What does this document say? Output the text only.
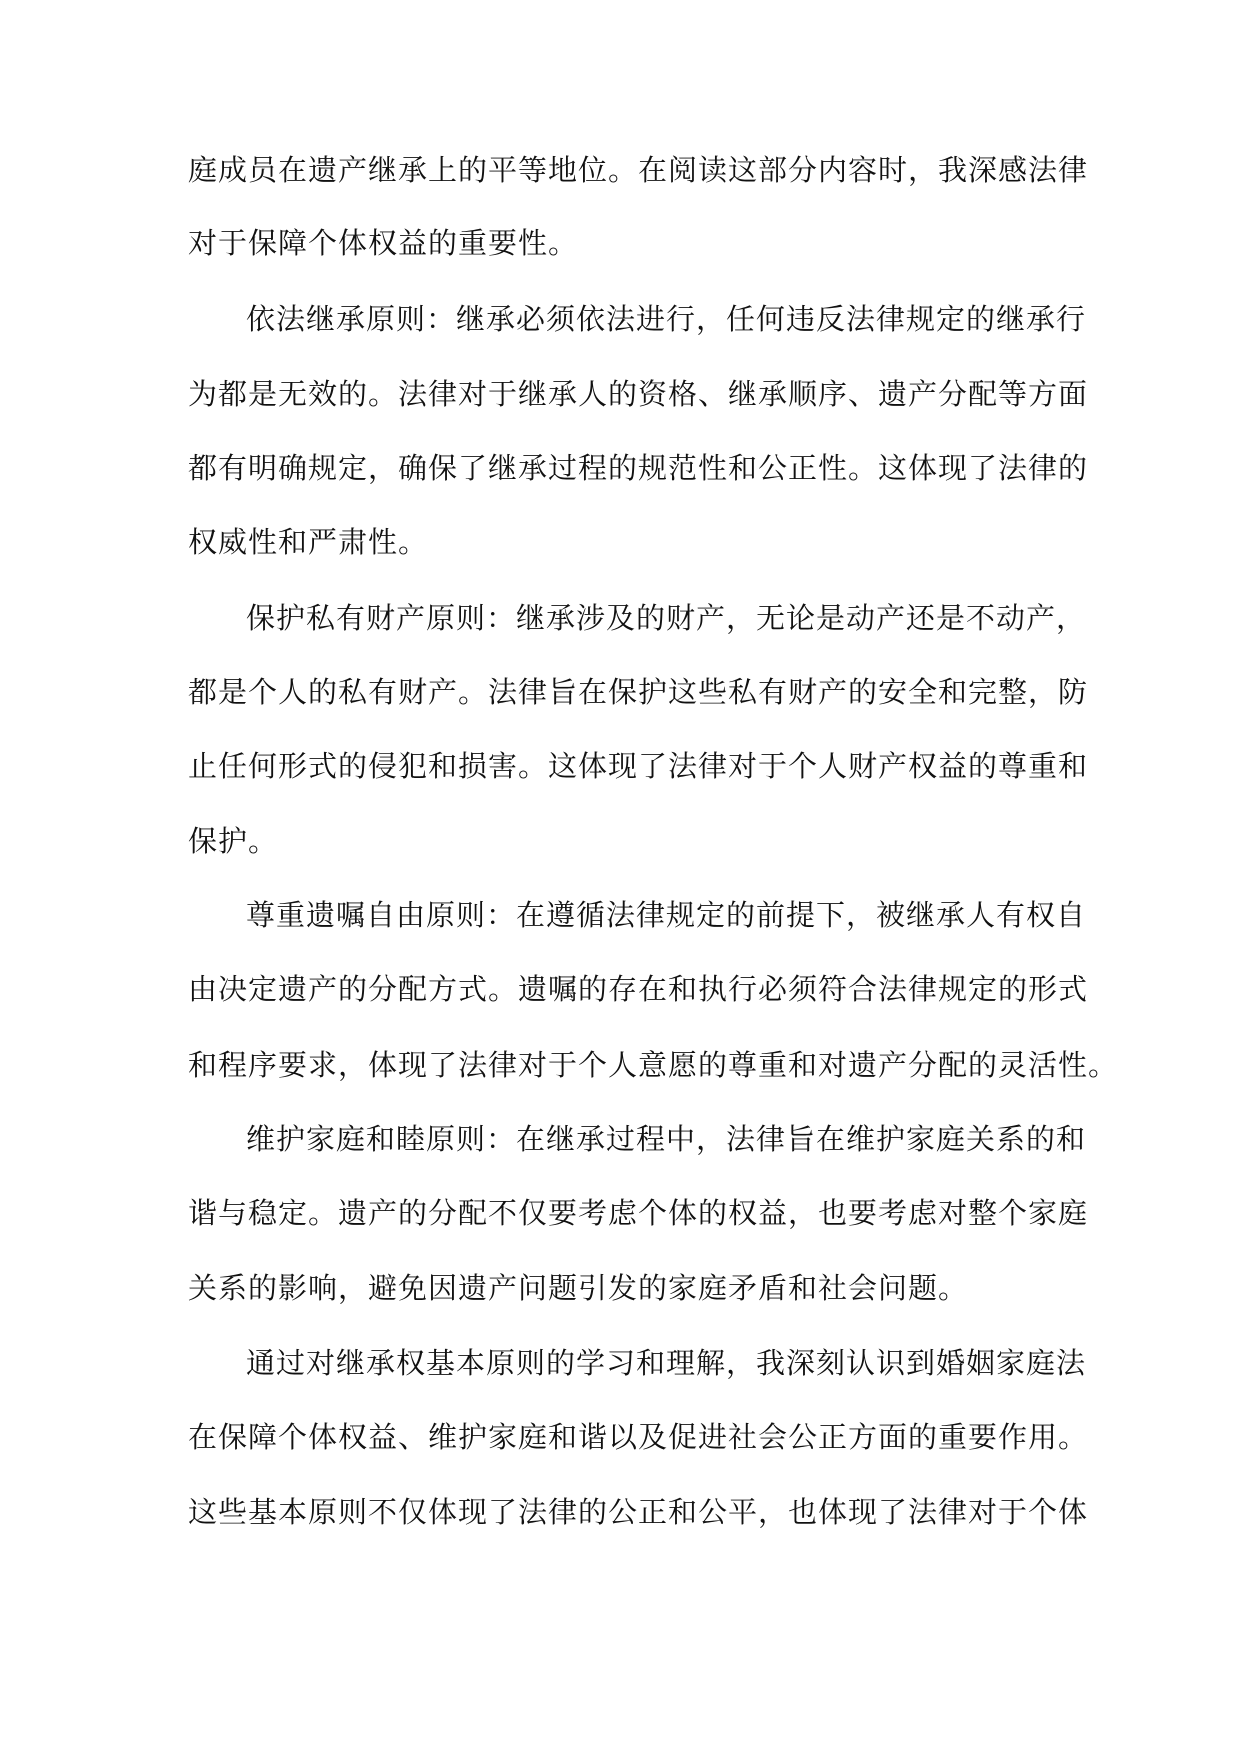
庭成员在遗产继承上的平等地位。在阅读这部分内容时，我深感法律

对于保障个体权益的重要性。

依法继承原则：继承必须依法进行，任何违反法律规定的继承行

为都是无效的。法律对于继承人的资格、继承顺序、遗产分配等方面

都有明确规定，确保了继承过程的规范性和公正性。这体现了法律的

权威性和严肃性。

保护私有财产原则：继承涉及的财产，无论是动产还是不动产，

都是个人的私有财产。法律旨在保护这些私有财产的安全和完整，防

止任何形式的侵犯和损害。这体现了法律对于个人财产权益的尊重和

保护。

尊重遗嘱自由原则：在遵循法律规定的前提下，被继承人有权自

由决定遗产的分配方式。遗嘱的存在和执行必须符合法律规定的形式

和程序要求，体现了法律对于个人意愿的尊重和对遗产分配的灵活性。

维护家庭和睦原则：在继承过程中，法律旨在维护家庭关系的和

谐与稳定。遗产的分配不仅要考虑个体的权益，也要考虑对整个家庭

关系的影响，避免因遗产问题引发的家庭矛盾和社会问题。

通过对继承权基本原则的学习和理解，我深刻认识到婚姻家庭法

在保障个体权益、维护家庭和谐以及促进社会公正方面的重要作用。

这些基本原则不仅体现了法律的公正和公平，也体现了法律对于个体
